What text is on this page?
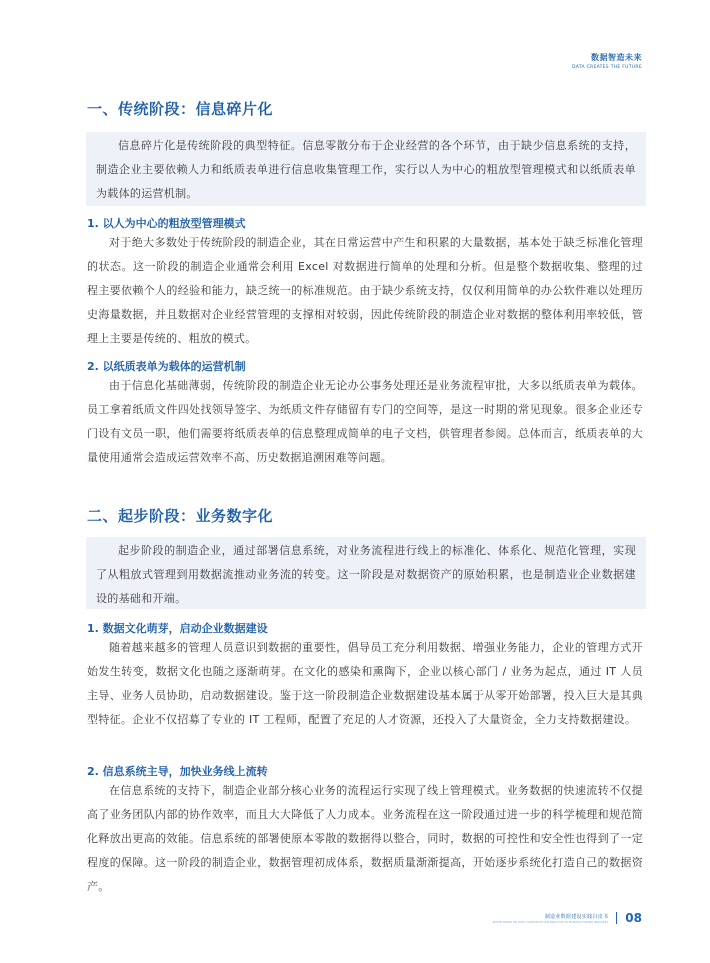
数据智造未来
DATA CREATES THE FUTURE
一、传统阶段：信息碎片化

信息碎片化是传统阶段的典型特征。信息零散分布于企业经营的各个环节，由于缺少信息系统的支持，制造企业主要依赖人力和纸质表单进行信息收集管理工作，实行以人为中心的粗放型管理模式和以纸质表单为载体的运营机制。

1. 以人为中心的粗放型管理模式

对于绝大多数处于传统阶段的制造企业，其在日常运营中产生和积累的大量数据，基本处于缺乏标准化管理的状态。这一阶段的制造企业通常会利用 Excel 对数据进行简单的处理和分析。但是整个数据收集、整理的过程主要依赖个人的经验和能力，缺乏统一的标准规范。由于缺少系统支持，仅仅利用简单的办公软件难以处理历史海量数据，并且数据对企业经营管理的支撑相对较弱，因此传统阶段的制造企业对数据的整体利用率较低，管理上主要是传统的、粗放的模式。

2. 以纸质表单为载体的运营机制

由于信息化基础薄弱，传统阶段的制造企业无论办公事务处理还是业务流程审批，大多以纸质表单为载体。员工拿着纸质文件四处找领导签字、为纸质文件存储留有专门的空间等，是这一时期的常见现象。很多企业还专门设有文员一职，他们需要将纸质表单的信息整理成简单的电子文档，供管理者参阅。总体而言，纸质表单的大量使用通常会造成运营效率不高、历史数据追溯困难等问题。

二、起步阶段：业务数字化

起步阶段的制造企业，通过部署信息系统，对业务流程进行线上的标准化、体系化、规范化管理，实现了从粗放式管理到用数据流推动业务流的转变。这一阶段是对数据资产的原始积累，也是制造业企业数据建设的基础和开端。

1. 数据文化萌芽，启动企业数据建设

随着越来越多的管理人员意识到数据的重要性，倡导员工充分利用数据、增强业务能力，企业的管理方式开始发生转变，数据文化也随之逐渐萌芽。在文化的感染和熏陶下，企业以核心部门 / 业务为起点，通过 IT 人员主导、业务人员协助，启动数据建设。鉴于这一阶段制造企业数据建设基本属于从零开始部署，投入巨大是其典型特征。企业不仅招募了专业的 IT 工程师，配置了充足的人才资源，还投入了大量资金，全力支持数据建设。

2. 信息系统主导，加快业务线上流转

在信息系统的支持下，制造企业部分核心业务的流程运行实现了线上管理模式。业务数据的快速流转不仅提高了业务团队内部的协作效率，而且大大降低了人力成本。业务流程在这一阶段通过进一步的科学梳理和规范简化释放出更高的效能。信息系统的部署使原本零散的数据得以整合，同时，数据的可控性和安全性也得到了一定程度的保障。这一阶段的制造企业，数据管理初成体系，数据质量渐渐提高，开始逐步系统化打造自己的数据资产。

制造业数据建设实践白皮书
WHITE PAPER ON DATA CONSTRUCTION PRACTICE IN MANUFACTURING INDUSTRY 08
